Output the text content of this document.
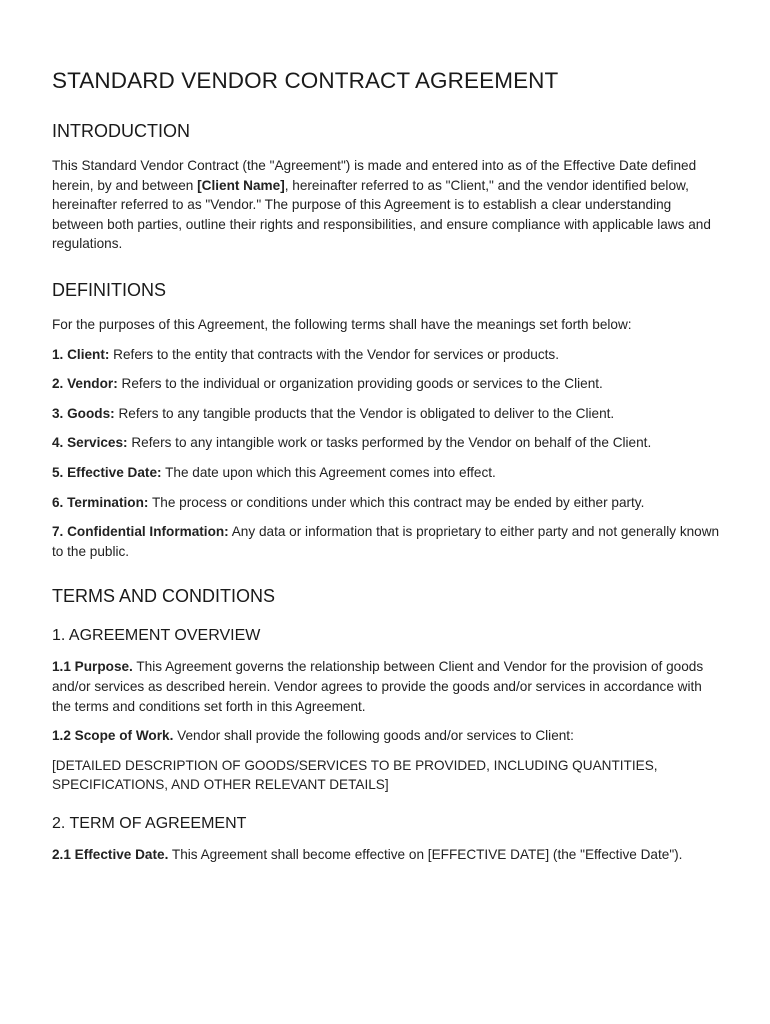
STANDARD VENDOR CONTRACT AGREEMENT
INTRODUCTION

This Standard Vendor Contract (the "Agreement") is made and entered into as of the Effective Date defined herein, by and between [Client Name], hereinafter referred to as "Client," and the vendor identified below, hereinafter referred to as "Vendor." The purpose of this Agreement is to establish a clear understanding between both parties, outline their rights and responsibilities, and ensure compliance with applicable laws and regulations.

DEFINITIONS

For the purposes of this Agreement, the following terms shall have the meanings set forth below:

1. Client: Refers to the entity that contracts with the Vendor for services or products.

2. Vendor: Refers to the individual or organization providing goods or services to the Client.

3. Goods: Refers to any tangible products that the Vendor is obligated to deliver to the Client.

4. Services: Refers to any intangible work or tasks performed by the Vendor on behalf of the Client.

5. Effective Date: The date upon which this Agreement comes into effect.

6. Termination: The process or conditions under which this contract may be ended by either party.

7. Confidential Information: Any data or information that is proprietary to either party and not generally known to the public.

TERMS AND CONDITIONS
1. AGREEMENT OVERVIEW

1.1 Purpose. This Agreement governs the relationship between Client and Vendor for the provision of goods and/or services as described herein. Vendor agrees to provide the goods and/or services in accordance with the terms and conditions set forth in this Agreement.

1.2 Scope of Work. Vendor shall provide the following goods and/or services to Client:

[DETAILED DESCRIPTION OF GOODS/SERVICES TO BE PROVIDED, INCLUDING QUANTITIES, SPECIFICATIONS, AND OTHER RELEVANT DETAILS]

2. TERM OF AGREEMENT

2.1 Effective Date. This Agreement shall become effective on [EFFECTIVE DATE] (the "Effective Date").
